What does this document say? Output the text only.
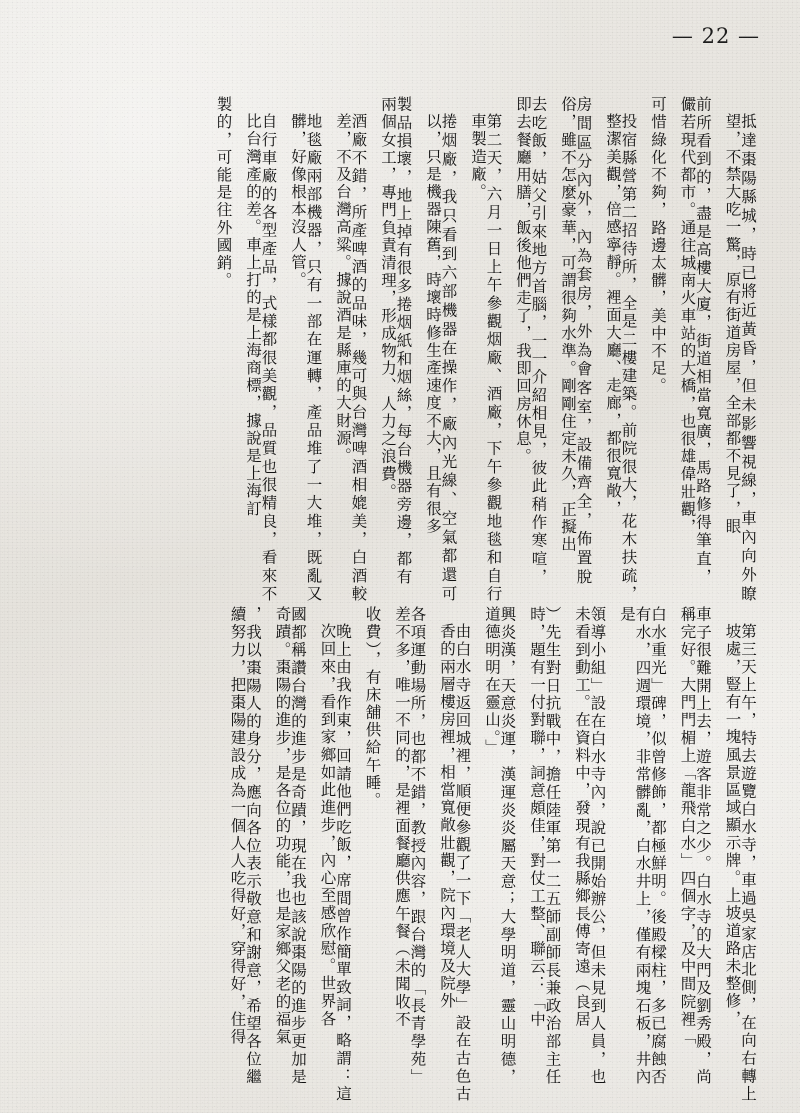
— 22 —
抵達棗陽縣城，時已將近黃昏，但未影響視線，車內向外瞭望，不禁大吃一驚，原有街道房屋，全部都不見了，眼
前所看到的，盡是高樓大廈，街道相當寬廣，馬路修得筆直，儼若現代都市。通往城南火車站的大橋，也很雄偉壯觀，
可惜綠化不夠，路邊太髒，美中不足。
投宿縣營第二招待所，全是二樓建築。前院很大，花木扶疏，整潔美觀，倍感寧靜。裡面大廳、走廊，都很寬敞，
房間區分內外，內為套房，外為會客室，設備齊全，佈置脫俗，雖不怎麼豪華，可謂很夠水準。剛剛住定未久，正擬出
去吃飯，姑父引來地方首腦，一一介紹相見，彼此稍作寒喧，即去餐廳用膳，飯後他們走了，我即回房休息。
第二天，六月一日上午參觀烟廠、酒廠，下午參觀地毯和自行車製造廠。
捲烟廠，我只看到六部機器在操作，廠內光線、空氣都還可以，只是機器陳舊，時壞時修生產速度不大，且有很多
製品損壞，地上掉有很多捲烟紙和烟絲，每台機器旁邊，都有兩個女工，專門負責清理，形成物力、人力之浪費。
酒廠不錯，所產啤酒的品味，幾可與台灣啤酒相媲美，白酒較差，不及台灣高粱。據說酒是縣庫的大財源。
地毯廠兩部機器，只有一部在運轉，產品堆了一大堆，既亂又髒，好像根本沒人管。
自行車廠的各型產品，式樣都很美觀，品質也很精良，看來不比台灣產的差。車上打的是上海商標，據說是上海訂
製的，可能是往外國銷。
第三天上午，特去遊覽白水寺，車過吳家店北側，在向右轉上坡處，豎有一塊風景區域顯示牌。上坡道路未整修，
車子很難開上去，遊客非常之少。白水寺的大門及劉秀殿，尚稱完好。大門門楣上「龍飛白水」四個字，及中間院裡「
白水重光」碑，似曾修飾，都極鮮明。後殿樑柱，多已腐蝕否有水，四週環境，非常髒亂，白水井上，僅有兩塊石板，井內是
領導小組」設在白水寺內，說已開始辦公，但未見到人員，也未看到動工。在資料中，發現有我縣鄉長傅寄遠（良居
）先生對日抗戰中，擔任陸軍第一二五師副師長兼政治部主任時，題有一付對聯，詞意頗佳，對仗工整、聯云：「中
興炎漢，天意炎運，漢運炎炎屬天意；大學明道，靈山明德，道德明明在靈山。」
由白水寺返回城裡，順便參觀了一下「老人大學」設在古色古香的兩層樓房裡，相當寬敞壯觀，院內環境及院外
各項運動場所，也都不錯，教授內容，跟台灣的「長青學苑」差不多，唯一不同的，是裡面餐廳供應午餐（未聞收不
收費），有床舖供給午睡。
晚上由我作東，回請他們吃飯，席間曾作簡單致詞，略謂：這次回來，看到家鄉如此進步，內心至感欣慰。世界各
國都稱讚台灣的進步是奇蹟，現在我也該說棗陽的進步更加是奇蹟。棗陽的進步，是各位的功能，也是家鄉父老的福氣
，我以棗陽人的身分，應向各位表示敬意和謝意，希望各位繼續努力，把棗陽建設成為一個人人吃得好，穿得好，住得
